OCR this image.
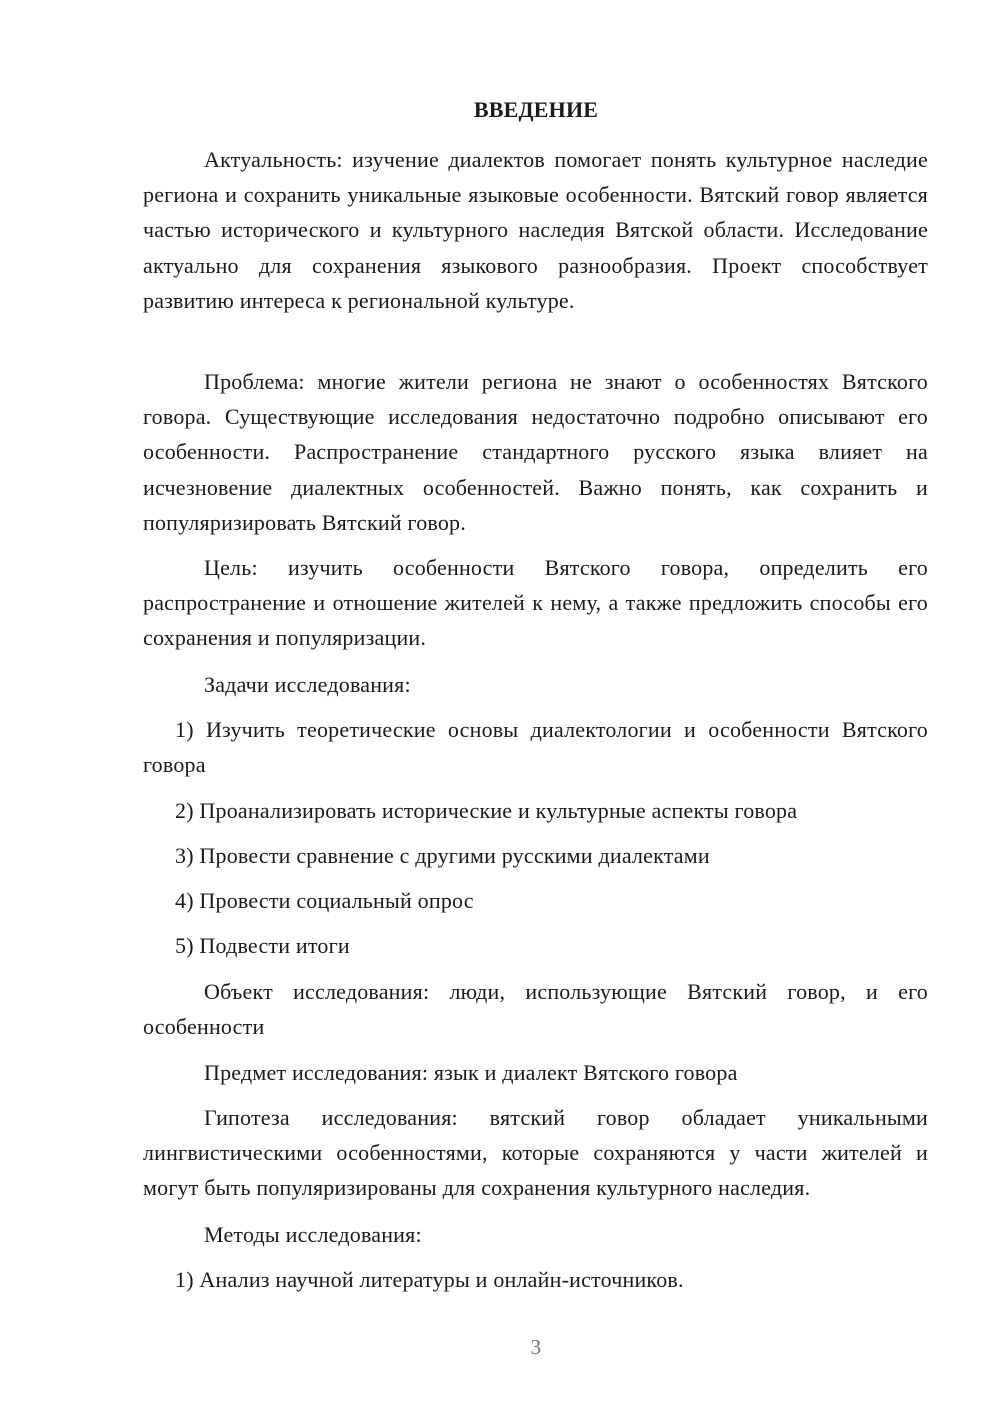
ВВЕДЕНИЕ

Актуальность: изучение диалектов помогает понять культурное наследие региона и сохранить уникальные языковые особенности. Вятский говор является частью исторического и культурного наследия Вятской области. Исследование актуально для сохранения языкового разнообразия. Проект способствует развитию интереса к региональной культуре.

Проблема: многие жители региона не знают о особенностях Вятского говора. Существующие исследования недостаточно подробно описывают его особенности. Распространение стандартного русского языка влияет на исчезновение диалектных особенностей. Важно понять, как сохранить и популяризировать Вятский говор.

Цель: изучить особенности Вятского говора, определить его распространение и отношение жителей к нему, а также предложить способы его сохранения и популяризации.

Задачи исследования:

1) Изучить теоретические основы диалектологии и особенности Вятского говора

2) Проанализировать исторические и культурные аспекты говора

3) Провести сравнение с другими русскими диалектами

4) Провести социальный опрос

5) Подвести итоги

Объект исследования: люди, использующие Вятский говор, и его особенности

Предмет исследования: язык и диалект Вятского говора

Гипотеза исследования: вятский говор обладает уникальными лингвистическими особенностями, которые сохраняются у части жителей и могут быть популяризированы для сохранения культурного наследия.

Методы исследования:

1) Анализ научной литературы и онлайн-источников.

3
